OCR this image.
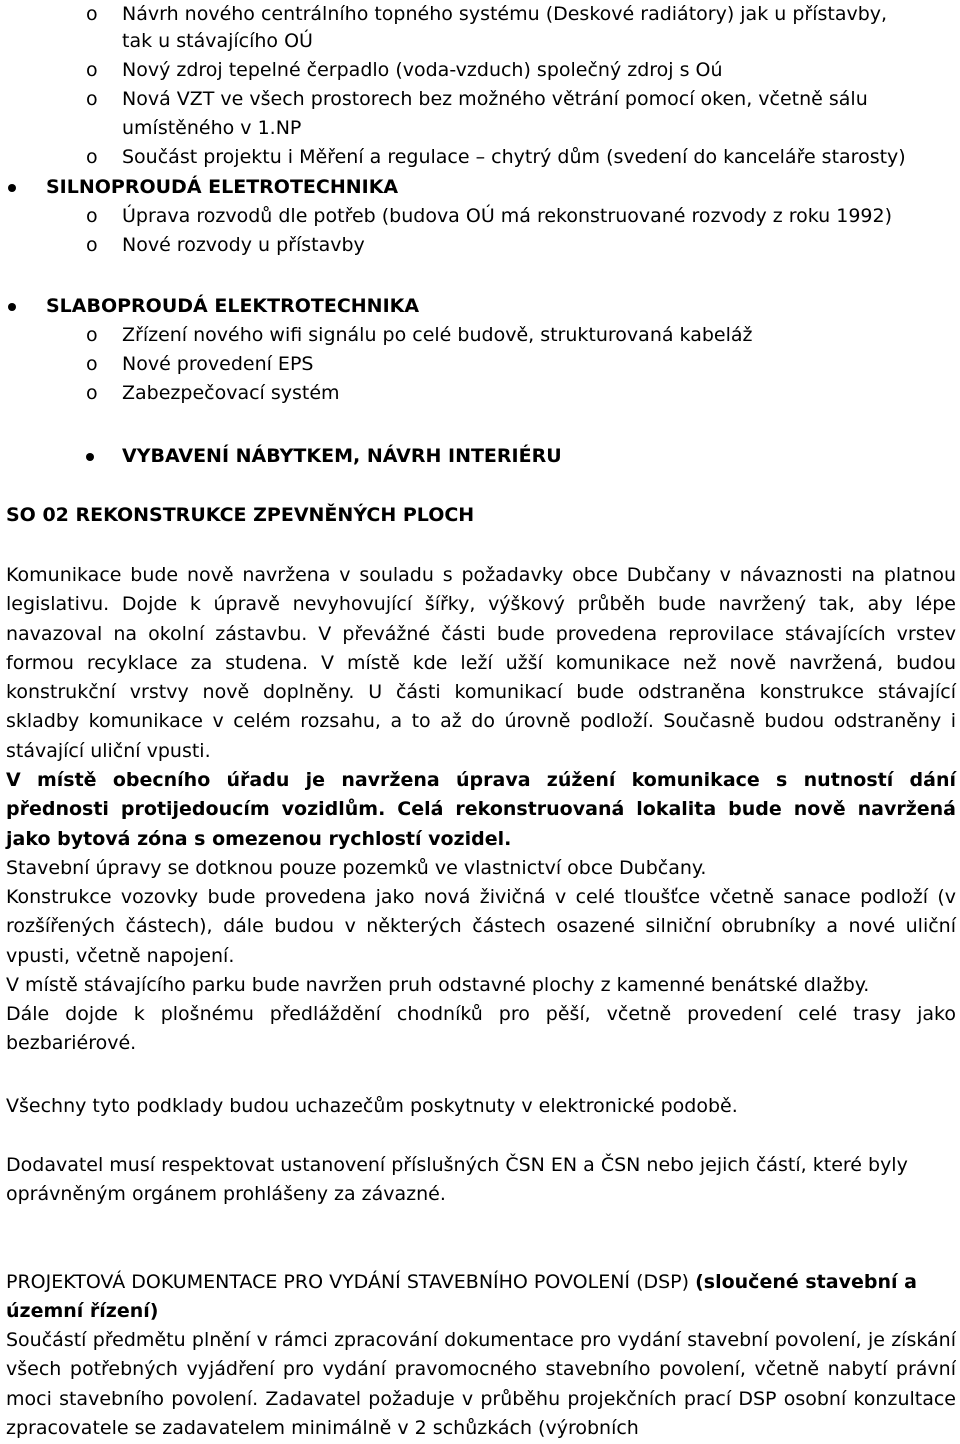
o Návrh nového centrálního topného systému (Deskové radiátory) jak u přístavby,
tak u stávajícího OÚ
o Nový zdroj tepelné čerpadlo (voda-vzduch) společný zdroj s Oú
o Nová VZT ve všech prostorech bez možného větrání pomocí oken, včetně sálu
umístěného v 1.NP
o Součást projektu i Měření a regulace – chytrý dům (svedení do kanceláře starosty)
SILNOPROUDÁ ELETROTECHNIKA
o Úprava rozvodů dle potřeb (budova OÚ má rekonstruované rozvody z roku 1992)
o Nové rozvody u přístavby
SLABOPROUDÁ ELEKTROTECHNIKA
o Zřízení nového wifi signálu po celé budově, strukturovaná kabeláž
o Nové provedení EPS
o Zabezpečovací systém
VYBAVENÍ NÁBYTKEM, NÁVRH INTERIÉRU
SO 02 REKONSTRUKCE ZPEVNĚNÝCH PLOCH
Komunikace bude nově navržena v souladu s požadavky obce Dubčany v návaznosti na platnou legislativu. Dojde k úpravě nevyhovující šířky, výškový průběh bude navržený tak, aby lépe navazoval na okolní zástavbu. V převážné části bude provedena reprovilace stávajících vrstev formou recyklace za studena. V místě kde leží užší komunikace než nově navržená, budou konstrukční vrstvy nově doplněny. U části komunikací bude odstraněna konstrukce stávající skladby komunikace v celém rozsahu, a to až do úrovně podloží. Současně budou odstraněny i stávající uliční vpusti.
V místě obecního úřadu je navržena úprava zúžení komunikace s nutností dání přednosti protijedoucím vozidlům. Celá rekonstruovaná lokalita bude nově navržená jako bytová zóna s omezenou rychlostí vozidel.
Stavební úpravy se dotknou pouze pozemků ve vlastnictví obce Dubčany.
Konstrukce vozovky bude provedena jako nová živičná v celé tloušťce včetně sanace podloží (v rozšířených částech), dále budou v některých částech osazené silniční obrubníky a nové uliční vpusti, včetně napojení.
V místě stávajícího parku bude navržen pruh odstavné plochy z kamenné benátské dlažby.
Dále dojde k plošnému předláždění chodníků pro pěší, včetně provedení celé trasy jako bezbariérové.
Všechny tyto podklady budou uchazečům poskytnuty v elektronické podobě.
Dodavatel musí respektovat ustanovení příslušných ČSN EN a ČSN nebo jejich částí, které byly oprávněným orgánem prohlášeny za závazné.
PROJEKTOVÁ DOKUMENTACE PRO VYDÁNÍ STAVEBNÍHO POVOLENÍ (DSP) (sloučené stavební a územní řízení)
Součástí předmětu plnění v rámci zpracování dokumentace pro vydání stavební povolení, je získání všech potřebných vyjádření pro vydání pravomocného stavebního povolení, včetně nabytí právní moci stavebního povolení. Zadavatel požaduje v průběhu projekčních prací DSP osobní konzultace zpracovatele se zadavatelem minimálně v 2 schůzkách (výrobních
